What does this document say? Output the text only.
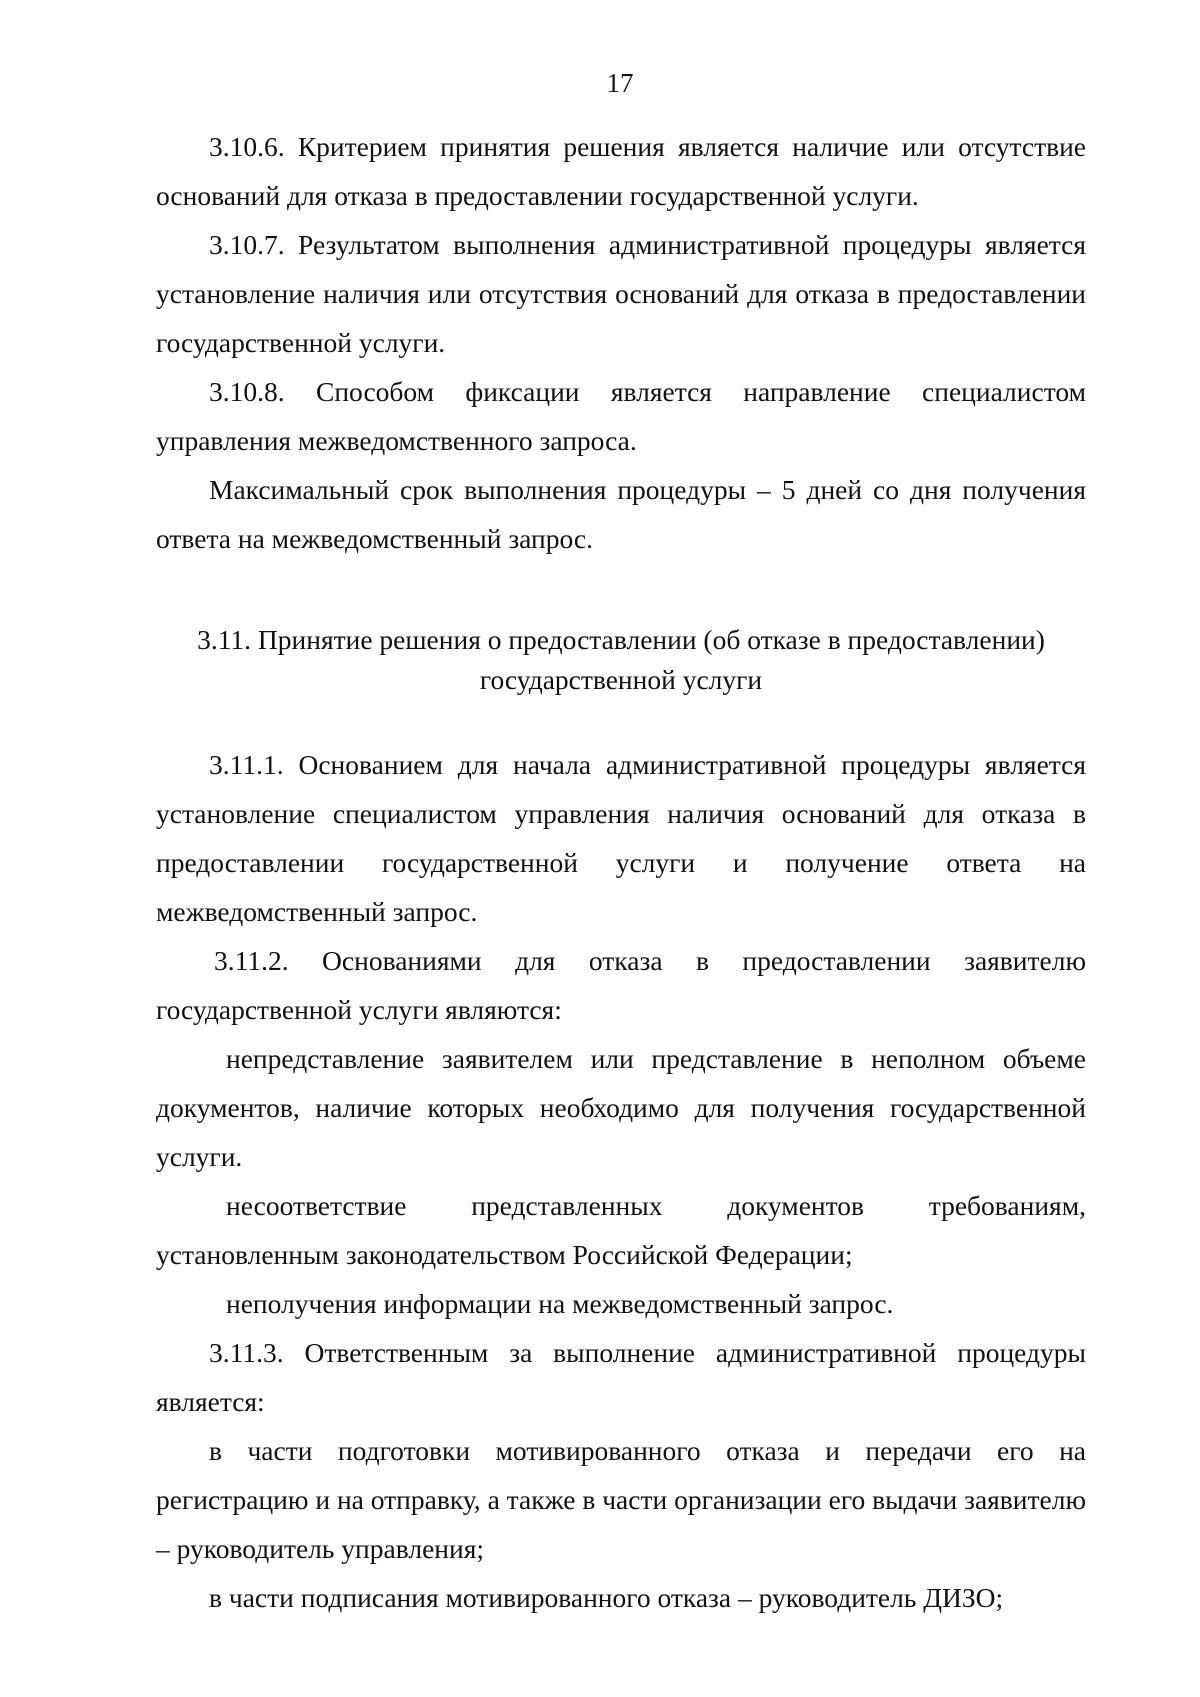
17

3.10.6. Критерием принятия решения является наличие или отсутствие оснований для отказа в предоставлении государственной услуги.

3.10.7. Результатом выполнения административной процедуры является установление наличия или отсутствия оснований для отказа в предоставлении государственной услуги.

3.10.8. Способом фиксации является направление специалистом управления межведомственного запроса.

Максимальный срок выполнения процедуры – 5 дней со дня получения ответа на межведомственный запрос.

3.11. Принятие решения о предоставлении (об отказе в предоставлении)
государственной услуги

3.11.1. Основанием для начала административной процедуры является установление специалистом управления наличия оснований для отказа в предоставлении государственной услуги и получение ответа на межведомственный запрос.

3.11.2. Основаниями для отказа в предоставлении заявителю государственной услуги являются:

непредставление заявителем или представление в неполном объеме документов, наличие которых необходимо для получения государственной услуги.

несоответствие представленных документов требованиям, установленным законодательством Российской Федерации;

неполучения информации на межведомственный запрос.

3.11.3. Ответственным за выполнение административной процедуры является:

в части подготовки мотивированного отказа и передачи его на регистрацию и на отправку, а также в части организации его выдачи заявителю – руководитель управления;

в части подписания мотивированного отказа – руководитель ДИЗО;
